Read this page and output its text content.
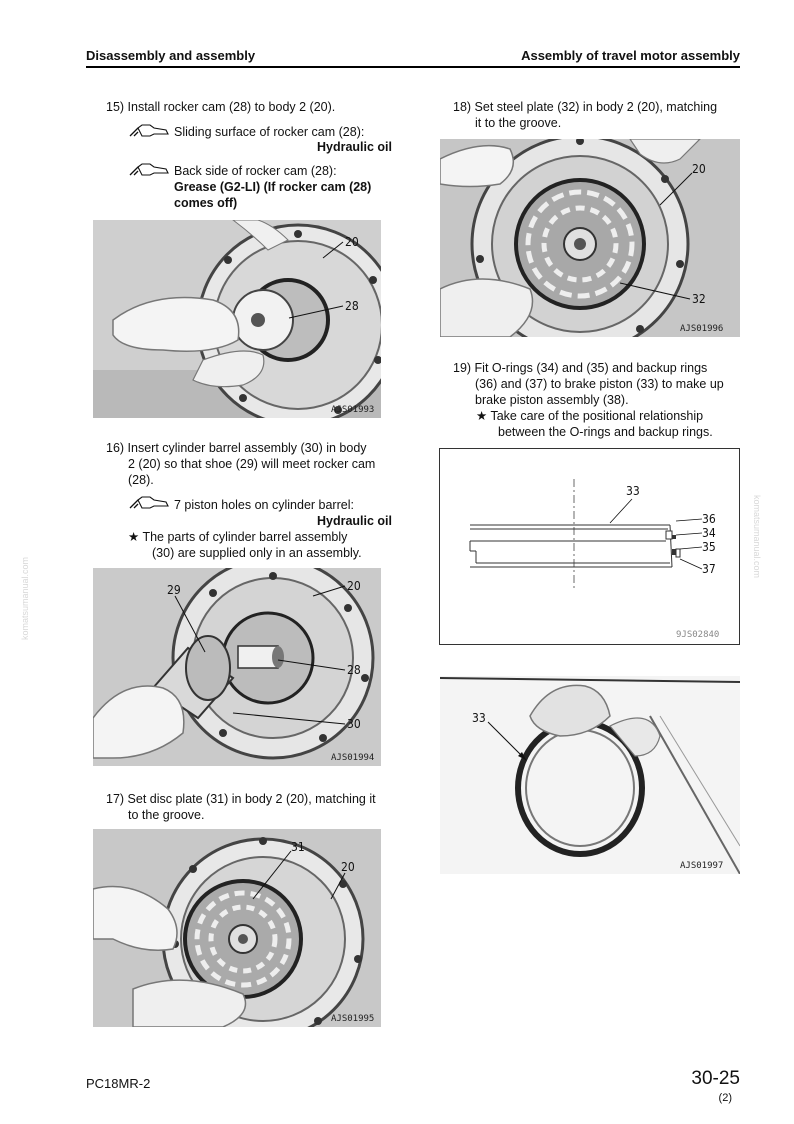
Disassembly and assembly	Assembly of travel motor assembly
komatsumanual.com
komatsumanual.com
15) Install rocker cam (28) to body 2 (20).
Sliding surface of rocker cam (28):
Hydraulic oil
Back side of rocker cam (28):
Grease (G2-LI) (If rocker cam (28)
comes off)
20
28
AJS01993
16) Insert cylinder barrel assembly (30) in body
2 (20) so that shoe (29) will meet rocker cam
(28).
7 piston holes on cylinder barrel:
Hydraulic oil
★ The parts of cylinder barrel assembly
(30) are supplied only in an assembly.
29	20
28
30
AJS01994
17) Set disc plate (31) in body 2 (20), matching it
to the groove.
31
20
AJS01995
18) Set steel plate (32) in body 2 (20), matching
it to the groove.
20
32
AJS01996
19) Fit O-rings (34) and (35) and backup rings
(36) and (37) to brake piston (33) to make up
brake piston assembly (38).
★ Take care of the positional relationship
between the O-rings and backup rings.
33
36
34
35
37
9JS02840
33
AJS01997
PC18MR-2	30-25
(2)
